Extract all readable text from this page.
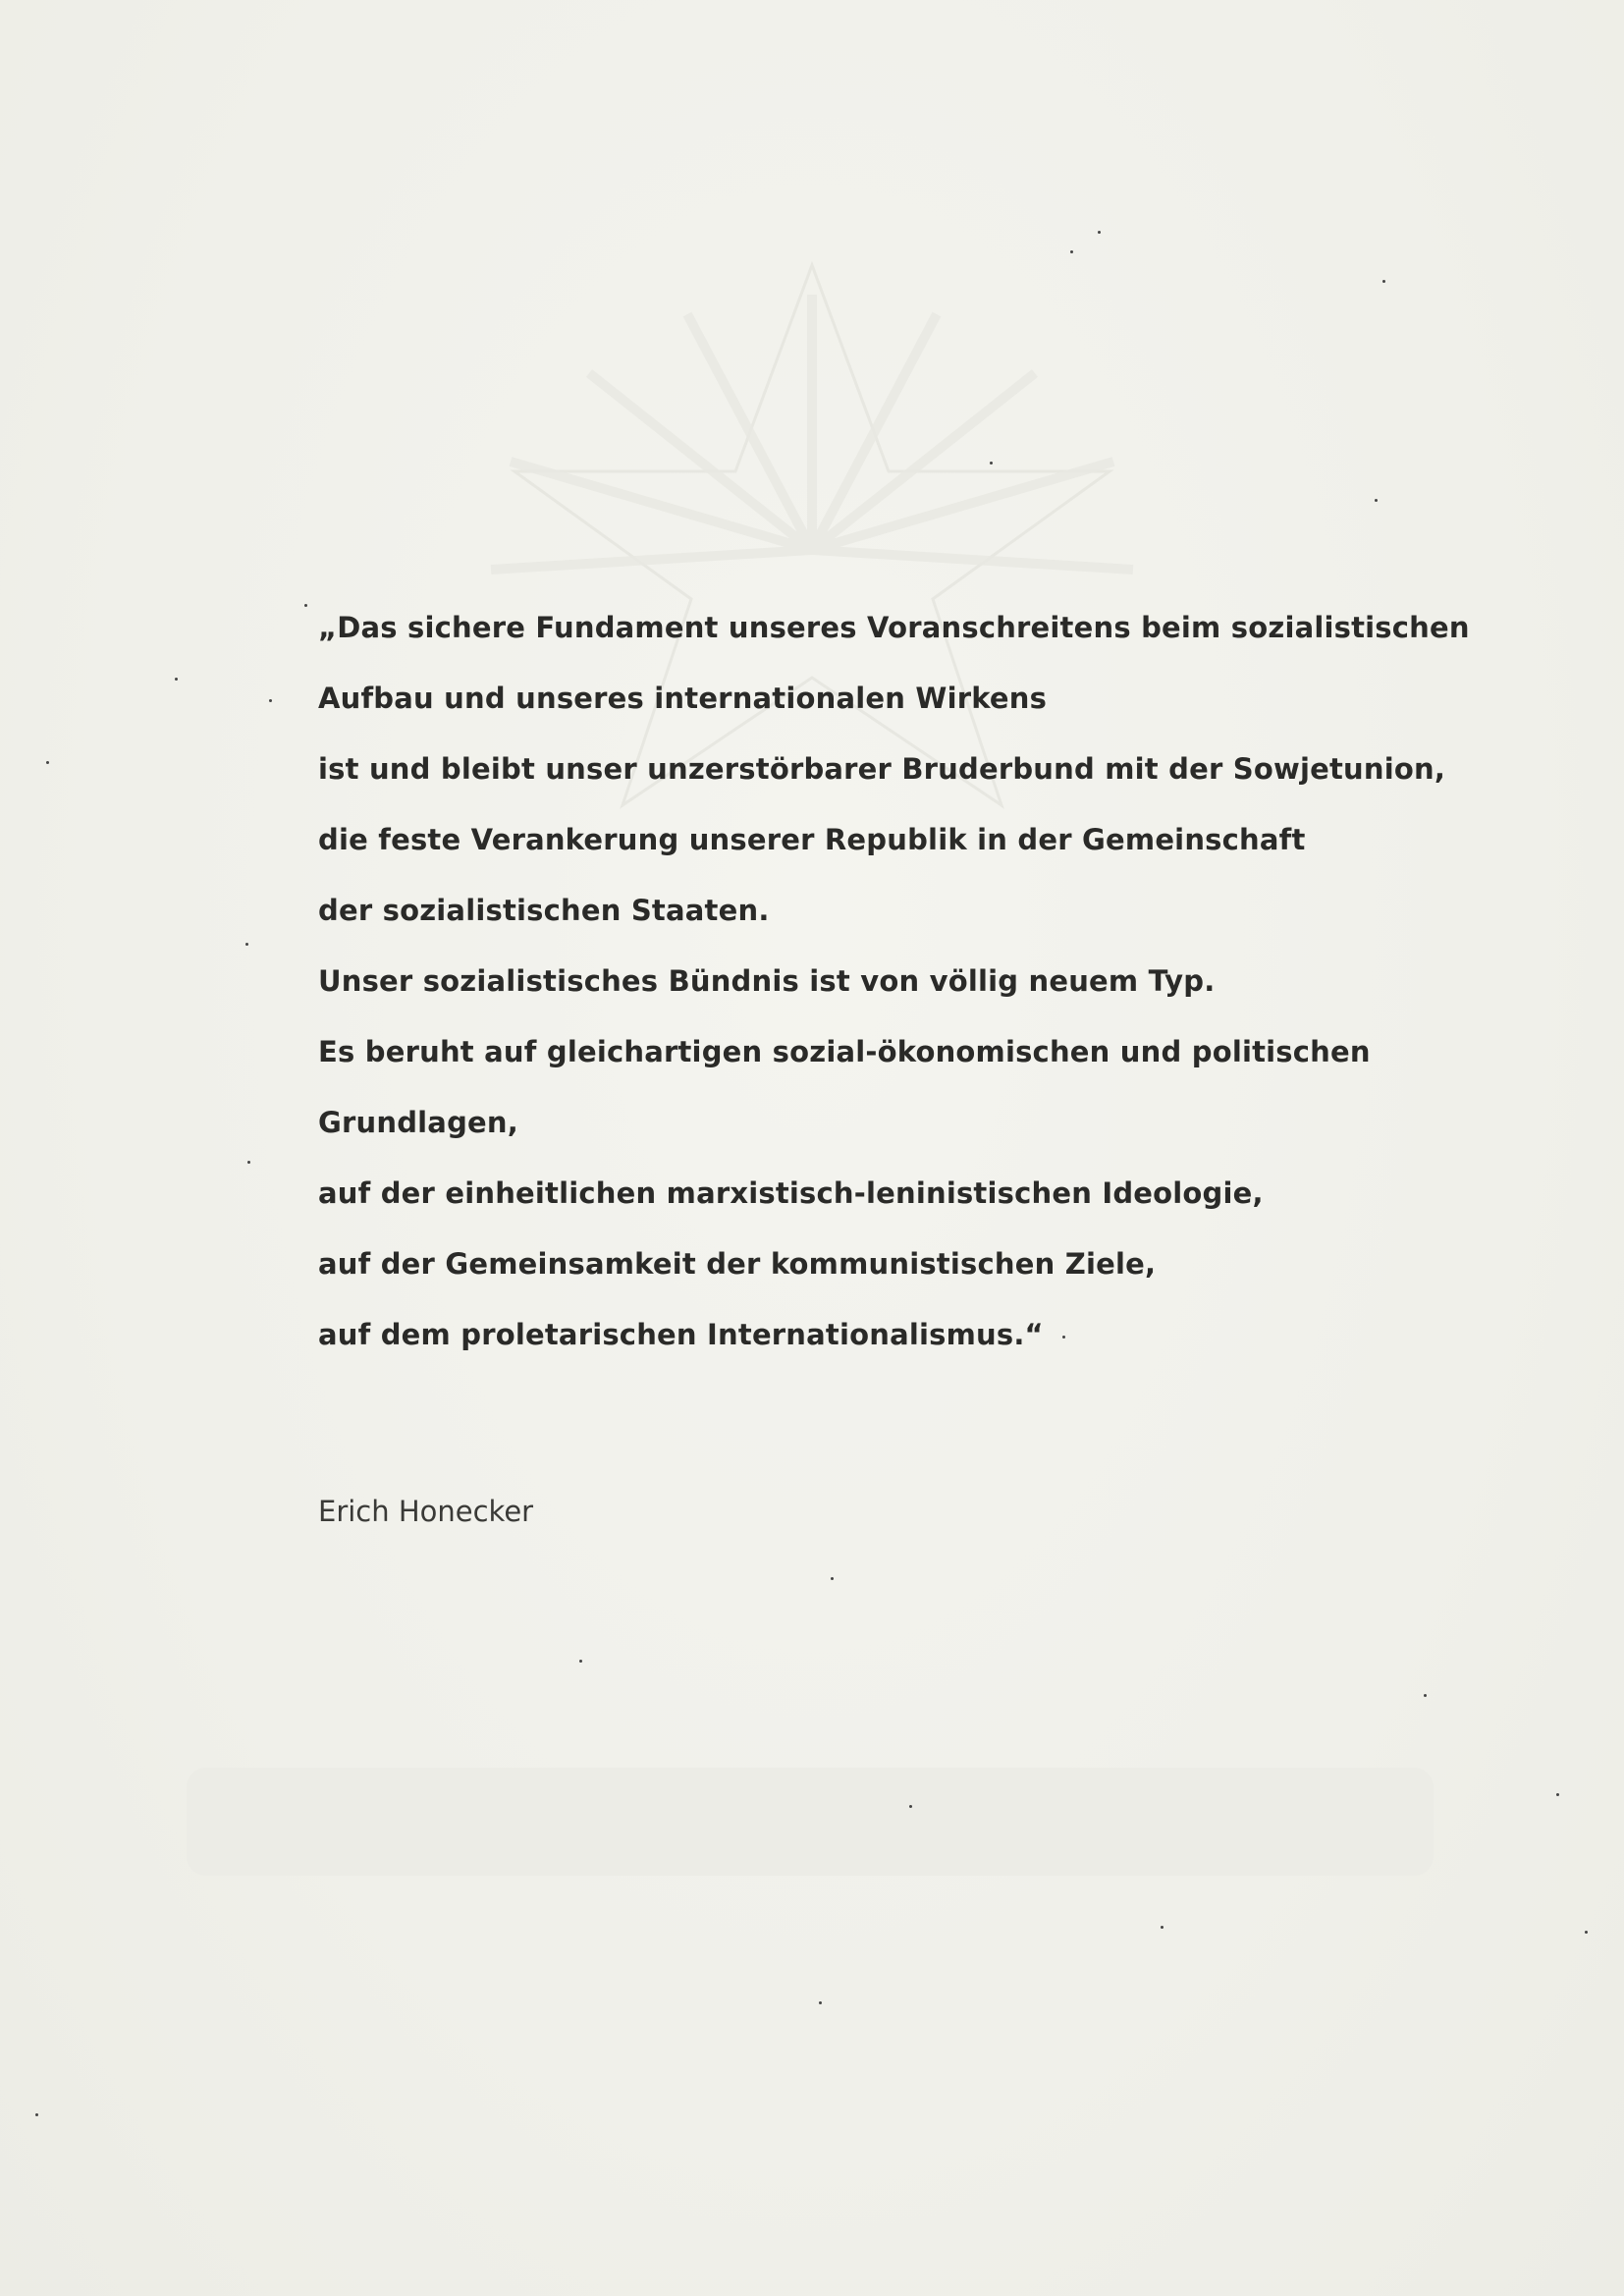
„Das sichere Fundament unseres Voranschreitens beim sozialistischen
Aufbau und unseres internationalen Wirkens
ist und bleibt unser unzerstörbarer Bruderbund mit der Sowjetunion,
die feste Verankerung unserer Republik in der Gemeinschaft
der sozialistischen Staaten.
Unser sozialistisches Bündnis ist von völlig neuem Typ.
Es beruht auf gleichartigen sozial-ökonomischen und politischen
Grundlagen,
auf der einheitlichen marxistisch-leninistischen Ideologie,
auf der Gemeinsamkeit der kommunistischen Ziele,
auf dem proletarischen Internationalismus.“

Erich Honecker
